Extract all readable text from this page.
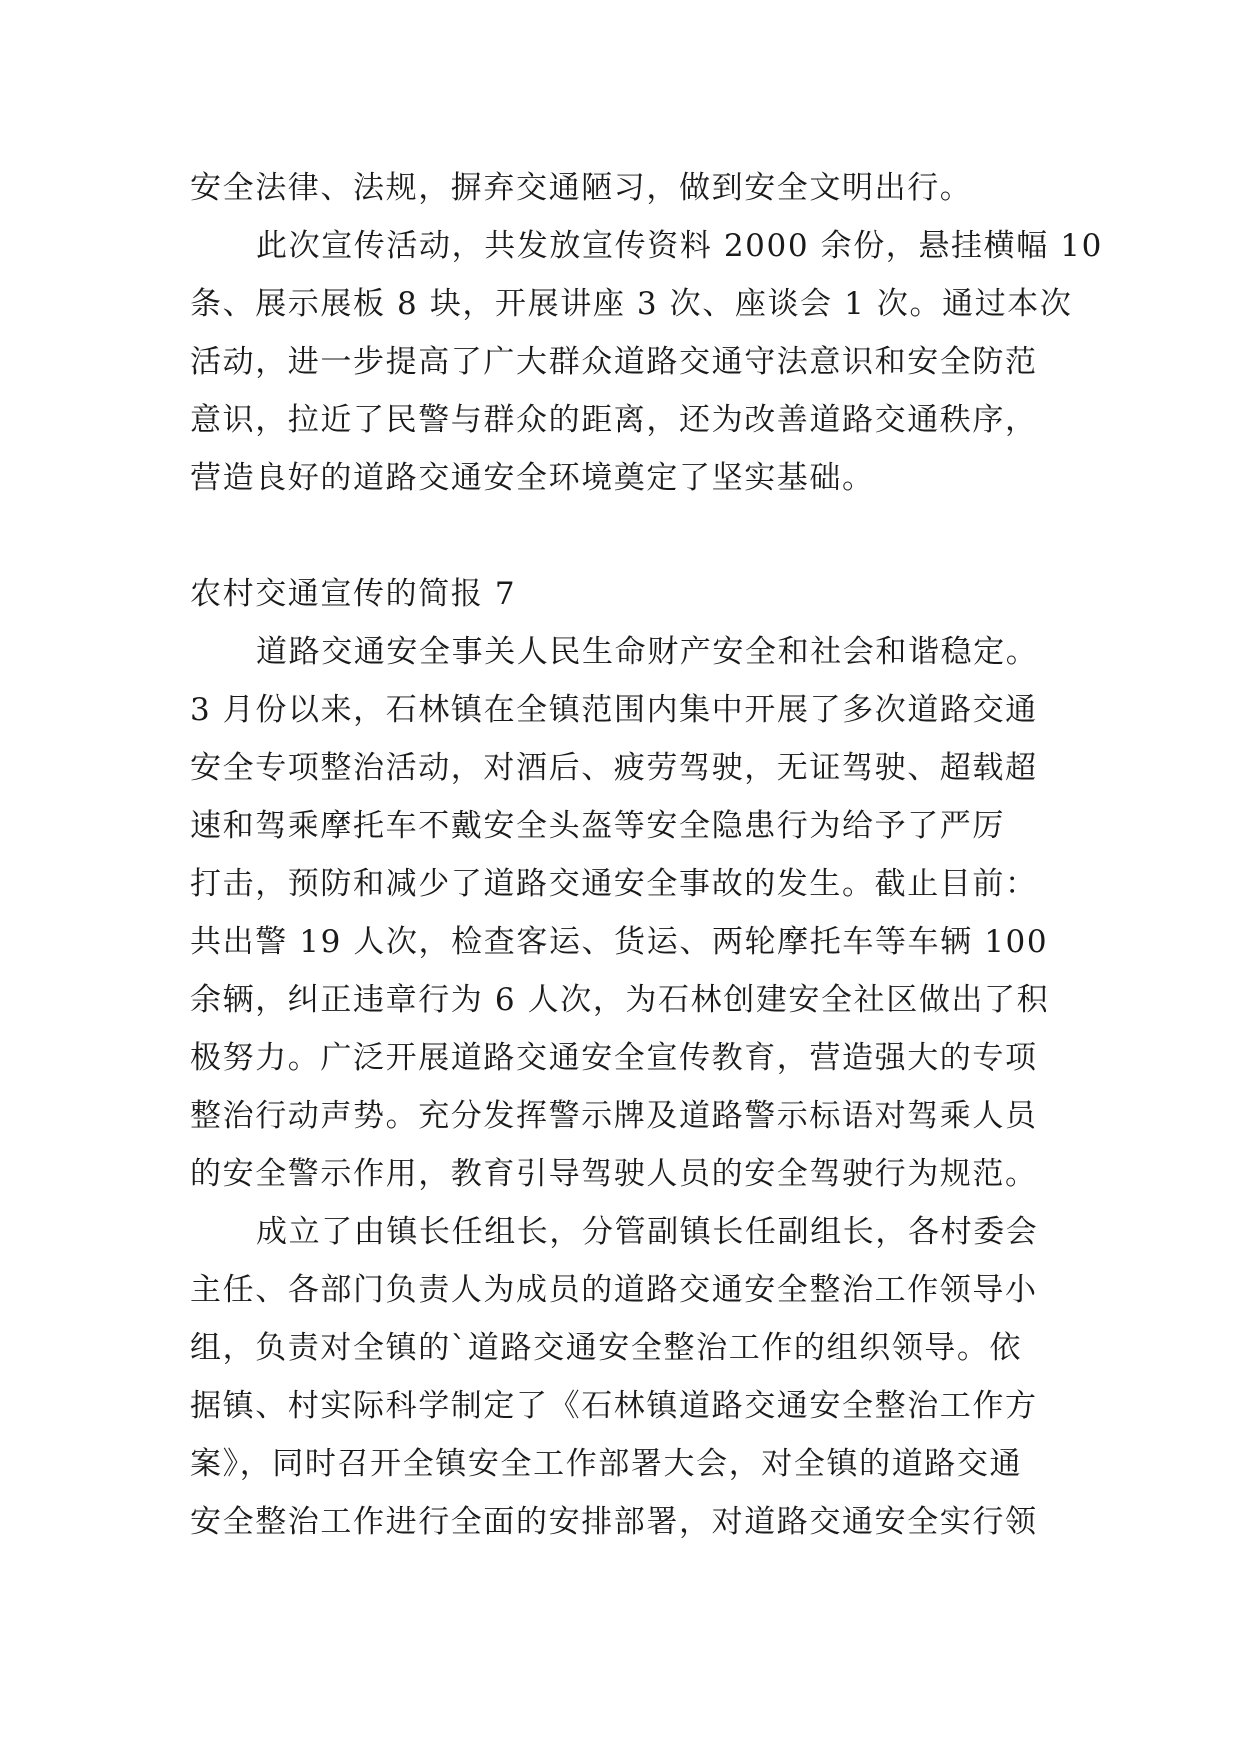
安全法律、法规，摒弃交通陋习，做到安全文明出行。
此次宣传活动，共发放宣传资料 2000 余份，悬挂横幅 10
条、展示展板 8 块，开展讲座 3 次、座谈会 1 次。通过本次
活动，进一步提高了广大群众道路交通守法意识和安全防范
意识，拉近了民警与群众的距离，还为改善道路交通秩序，
营造良好的道路交通安全环境奠定了坚实基础。
农村交通宣传的简报 7
道路交通安全事关人民生命财产安全和社会和谐稳定。
3 月份以来，石林镇在全镇范围内集中开展了多次道路交通
安全专项整治活动，对酒后、疲劳驾驶，无证驾驶、超载超
速和驾乘摩托车不戴安全头盔等安全隐患行为给予了严厉
打击，预防和减少了道路交通安全事故的发生。截止目前：
共出警 19 人次，检查客运、货运、两轮摩托车等车辆 100
余辆，纠正违章行为 6 人次，为石林创建安全社区做出了积
极努力。广泛开展道路交通安全宣传教育，营造强大的专项
整治行动声势。充分发挥警示牌及道路警示标语对驾乘人员
的安全警示作用，教育引导驾驶人员的安全驾驶行为规范。
成立了由镇长任组长，分管副镇长任副组长，各村委会
主任、各部门负责人为成员的道路交通安全整治工作领导小
组，负责对全镇的`道路交通安全整治工作的组织领导。依
据镇、村实际科学制定了《石林镇道路交通安全整治工作方
案》，同时召开全镇安全工作部署大会，对全镇的道路交通
安全整治工作进行全面的安排部署，对道路交通安全实行领
